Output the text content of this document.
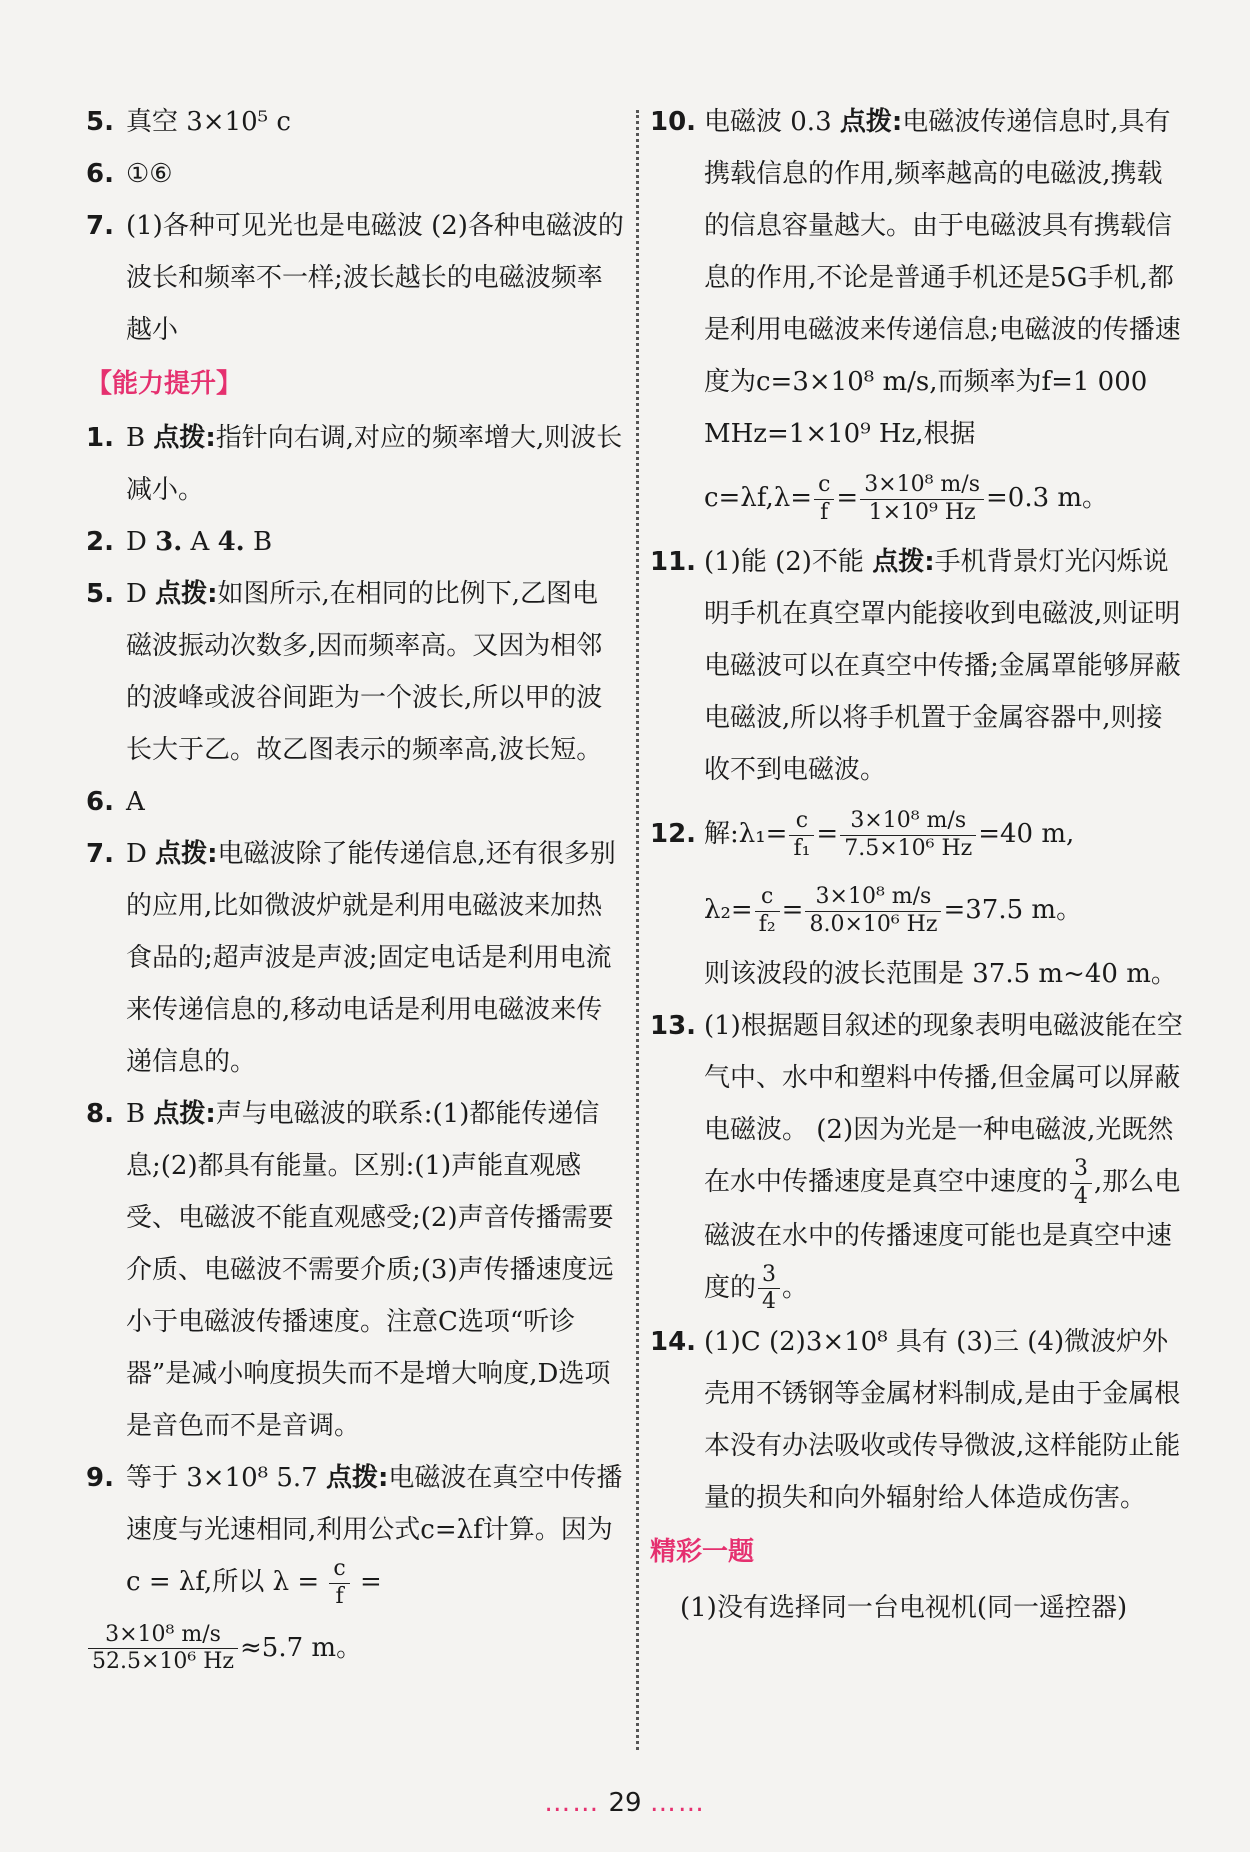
5. 真空 3×10⁵ c
6. ①⑥
7. (1)各种可见光也是电磁波 (2)各种电磁波的波长和频率不一样;波长越长的电磁波频率越小
【能力提升】
1. B 点拨:指针向右调,对应的频率增大,则波长减小。
2. D 3. A 4. B
5. D 点拨:如图所示,在相同的比例下,乙图电磁波振动次数多,因而频率高。又因为相邻的波峰或波谷间距为一个波长,所以甲的波长大于乙。故乙图表示的频率高,波长短。
6. A
7. D 点拨:电磁波除了能传递信息,还有很多别的应用,比如微波炉就是利用电磁波来加热食品的;超声波是声波;固定电话是利用电流来传递信息的,移动电话是利用电磁波来传递信息的。
8. B 点拨:声与电磁波的联系:(1)都能传递信息;(2)都具有能量。区别:(1)声能直观感受、电磁波不能直观感受;(2)声音传播需要介质、电磁波不需要介质;(3)声传播速度远小于电磁波传播速度。注意C选项“听诊器”是减小响度损失而不是增大响度,D选项是音色而不是音调。
9. 等于 3×10⁸ 5.7 点拨:电磁波在真空中传播速度与光速相同,利用公式c=λf计算。因为 c = λf,所以 $\lambda = \frac{c}{f}$ =
$\frac{\text{3×10⁸ m/s}}{\text{52.5×10⁶ Hz}} \approx 5.7$ m。
10. 电磁波 0.3 点拨:电磁波传递信息时,具有携载信息的作用,频率越高的电磁波,携载的信息容量越大。由于电磁波具有携载信息的作用,不论是普通手机还是5G手机,都是利用电磁波来传递信息;电磁波的传播速度为c=3×10⁸ m/s,而频率为f=1 000 MHz=1×10⁹ Hz,根据
$c=\lambda f,\lambda= \frac{c}{f} = \frac{\text{3×10⁸ m/s}}{\text{1×10⁹ Hz}} =0.3$ m。
11. (1)能 (2)不能 点拨:手机背景灯光闪烁说明手机在真空罩内能接收到电磁波,则证明电磁波可以在真空中传播;金属罩能够屏蔽电磁波,所以将手机置于金属容器中,则接收不到电磁波。
12. 解:λ₁= $\frac{c}{\text{f₁}} = \frac{\text{3×10⁸ m/s}}{\text{7.5×10⁶ Hz}} =40$ m,
$\lambda_2= \frac{c}{\text{f₂}} = \frac{\text{3×10⁸ m/s}}{\text{8.0×10⁶ Hz}} =37.5$ m。
则该波段的波长范围是 37.5 m~40 m。
13. (1)根据题目叙述的现象表明电磁波能在空气中、水中和塑料中传播,但金属可以屏蔽电磁波。 (2)因为光是一种电磁波,光既然在水中传播速度是真空中速度的 $\frac{3}{4}$ ,那么电磁波在水中的传播速度可能也是真空中速度的 $\frac{3}{4}$ 。
14. (1)C (2)3×10⁸ 具有 (3)三 (4)微波炉外壳用不锈钢等金属材料制成,是由于金属根本没有办法吸收或传导微波,这样能防止能量的损失和向外辐射给人体造成伤害。
精彩一题
(1)没有选择同一台电视机(同一遥控器)
…… 29 ……
